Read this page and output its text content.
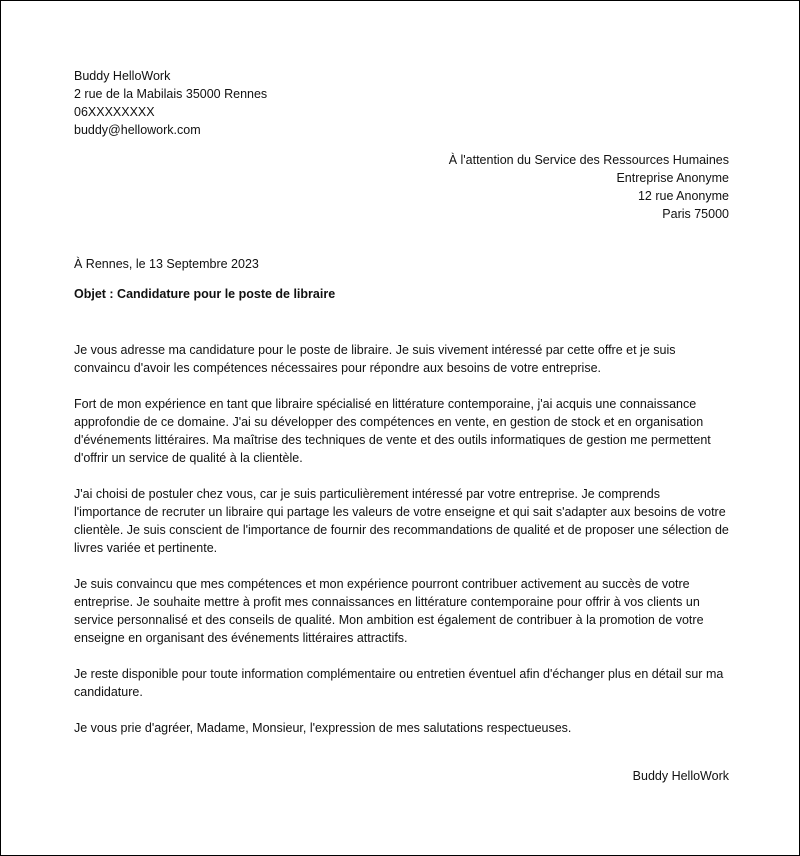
Buddy HelloWork
2 rue de la Mabilais 35000 Rennes
06XXXXXXXX
buddy@hellowork.com
À l'attention du Service des Ressources Humaines
Entreprise Anonyme
12 rue Anonyme
Paris 75000
À Rennes, le 13 Septembre 2023
Objet : Candidature pour le poste de libraire

Je vous adresse ma candidature pour le poste de libraire. Je suis vivement intéressé par cette offre et je suis convaincu d'avoir les compétences nécessaires pour répondre aux besoins de votre entreprise.

Fort de mon expérience en tant que libraire spécialisé en littérature contemporaine, j'ai acquis une connaissance approfondie de ce domaine. J'ai su développer des compétences en vente, en gestion de stock et en organisation d'événements littéraires. Ma maîtrise des techniques de vente et des outils informatiques de gestion me permettent d'offrir un service de qualité à la clientèle.

J'ai choisi de postuler chez vous, car je suis particulièrement intéressé par votre entreprise. Je comprends l'importance de recruter un libraire qui partage les valeurs de votre enseigne et qui sait s'adapter aux besoins de votre clientèle. Je suis conscient de l'importance de fournir des recommandations de qualité et de proposer une sélection de livres variée et pertinente.

Je suis convaincu que mes compétences et mon expérience pourront contribuer activement au succès de votre entreprise. Je souhaite mettre à profit mes connaissances en littérature contemporaine pour offrir à vos clients un service personnalisé et des conseils de qualité. Mon ambition est également de contribuer à la promotion de votre enseigne en organisant des événements littéraires attractifs.

Je reste disponible pour toute information complémentaire ou entretien éventuel afin d'échanger plus en détail sur ma candidature.

Je vous prie d'agréer, Madame, Monsieur, l'expression de mes salutations respectueuses.

Buddy HelloWork
